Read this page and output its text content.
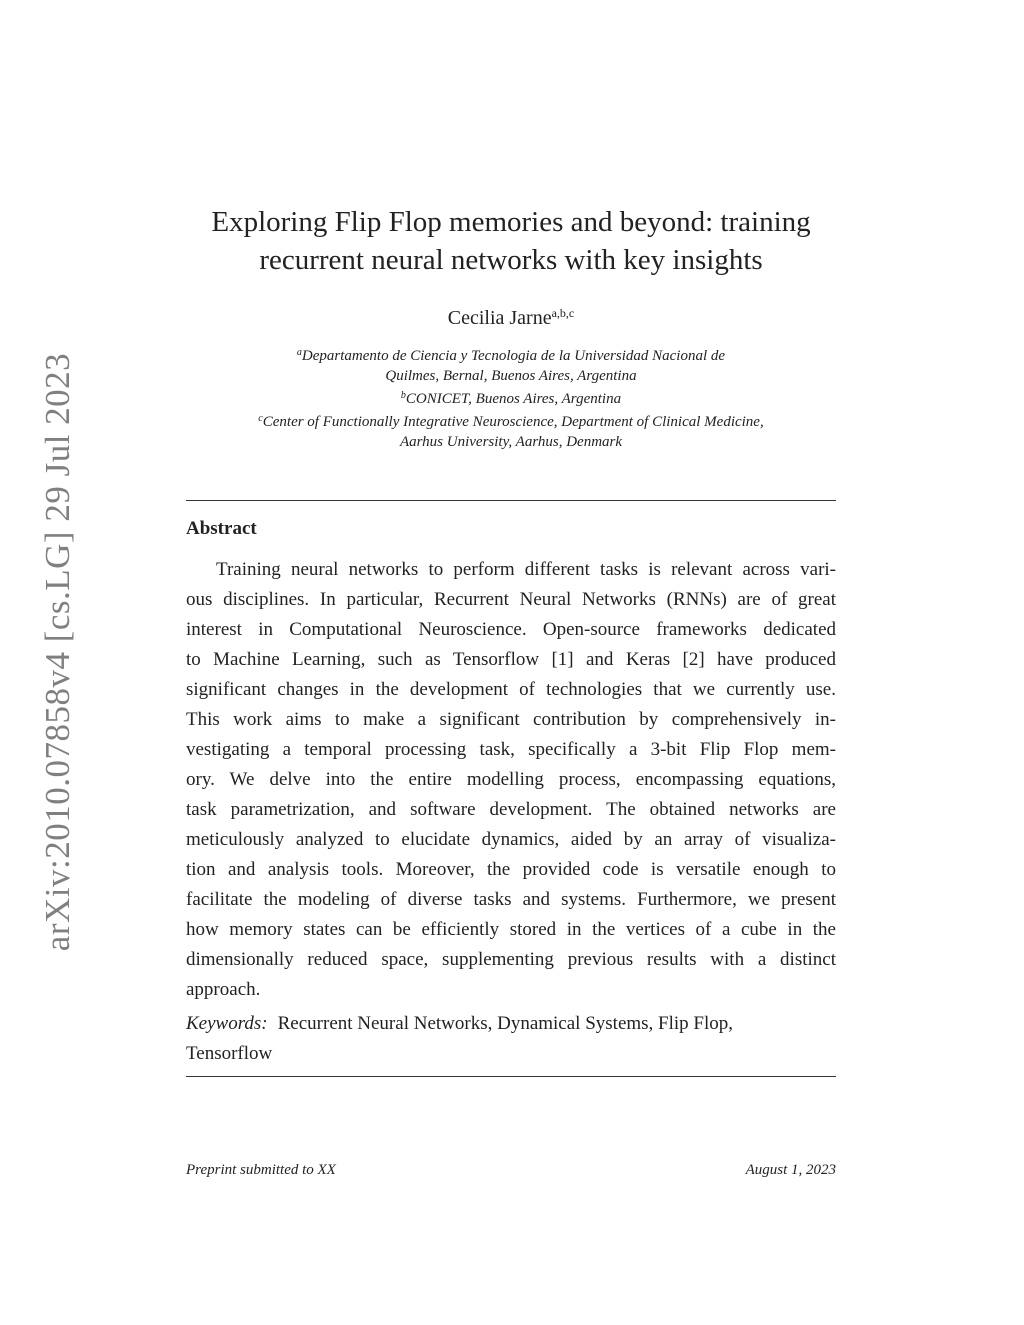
arXiv:2010.07858v4 [cs.LG] 29 Jul 2023
Exploring Flip Flop memories and beyond: training
recurrent neural networks with key insights
Cecilia Jarne$^{a,b,c}$
$^a$Departamento de Ciencia y Tecnologia de la Universidad Nacional de
Quilmes, Bernal, Buenos Aires, Argentina
$^b$CONICET, Buenos Aires, Argentina
$^c$Center of Functionally Integrative Neuroscience, Department of Clinical Medicine,
Aarhus University, Aarhus, Denmark
Abstract
Training neural networks to perform different tasks is relevant across vari-
ous disciplines. In particular, Recurrent Neural Networks (RNNs) are of great
interest in Computational Neuroscience. Open-source frameworks dedicated
to Machine Learning, such as Tensorflow [1] and Keras [2] have produced
significant changes in the development of technologies that we currently use.
This work aims to make a significant contribution by comprehensively in-
vestigating a temporal processing task, specifically a 3-bit Flip Flop mem-
ory. We delve into the entire modelling process, encompassing equations,
task parametrization, and software development. The obtained networks are
meticulously analyzed to elucidate dynamics, aided by an array of visualiza-
tion and analysis tools. Moreover, the provided code is versatile enough to
facilitate the modeling of diverse tasks and systems. Furthermore, we present
how memory states can be efficiently stored in the vertices of a cube in the
dimensionally reduced space, supplementing previous results with a distinct
approach.
Keywords: Recurrent Neural Networks, Dynamical Systems, Flip Flop,
Tensorflow
Preprint submitted to XX	August 1, 2023
